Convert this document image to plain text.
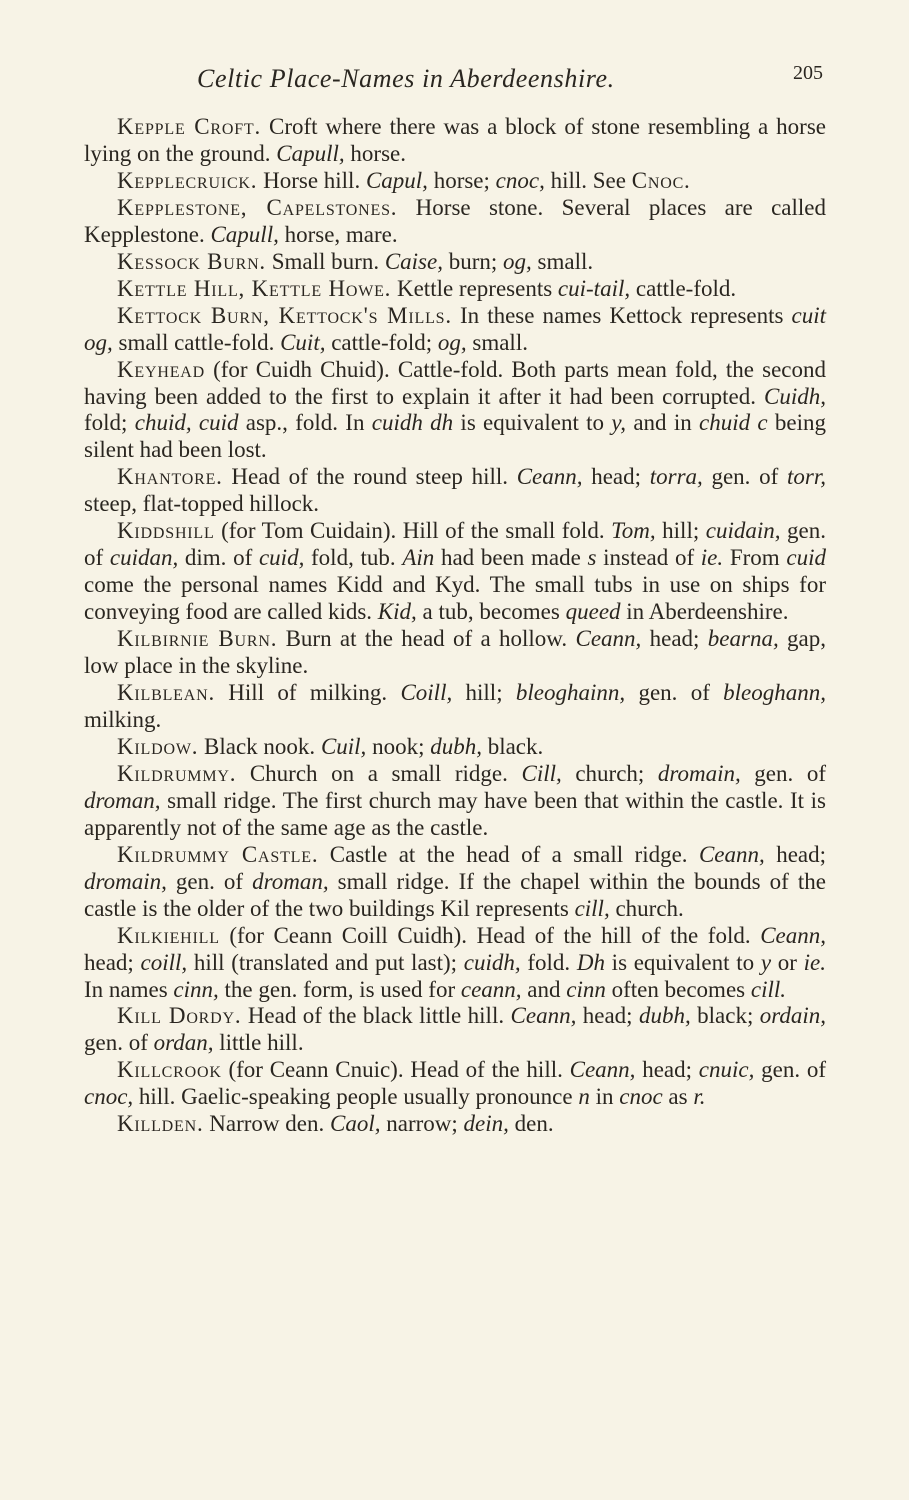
Celtic Place-Names in Aberdeenshire.	205

Kepple Croft. Croft where there was a block of stone resembling a horse lying on the ground. Capull, horse.

Kepplecruick. Horse hill. Capul, horse; cnoc, hill. See Cnoc.

Kepplestone, Capelstones. Horse stone. Several places are called Kepplestone. Capull, horse, mare.

Kessock Burn. Small burn. Caise, burn; og, small.

Kettle Hill, Kettle Howe. Kettle represents cui-tail, cattle-fold.

Kettock Burn, Kettock's Mills. In these names Kettock represents cuit og, small cattle-fold. Cuit, cattle-fold; og, small.

Keyhead (for Cuidh Chuid). Cattle-fold. Both parts mean fold, the second having been added to the first to explain it after it had been corrupted. Cuidh, fold; chuid, cuid asp., fold. In cuidh dh is equivalent to y, and in chuid c being silent had been lost.

Khantore. Head of the round steep hill. Ceann, head; torra, gen. of torr, steep, flat-topped hillock.

Kiddshill (for Tom Cuidain). Hill of the small fold. Tom, hill; cuidain, gen. of cuidan, dim. of cuid, fold, tub. Ain had been made s instead of ie. From cuid come the personal names Kidd and Kyd. The small tubs in use on ships for conveying food are called kids. Kid, a tub, becomes queed in Aberdeenshire.

Kilbirnie Burn. Burn at the head of a hollow. Ceann, head; bearna, gap, low place in the skyline.

Kilblean. Hill of milking. Coill, hill; bleoghainn, gen. of bleoghann, milking.

Kildow. Black nook. Cuil, nook; dubh, black.

Kildrummy. Church on a small ridge. Cill, church; dromain, gen. of droman, small ridge. The first church may have been that within the castle. It is apparently not of the same age as the castle.

Kildrummy Castle. Castle at the head of a small ridge. Ceann, head; dromain, gen. of droman, small ridge. If the chapel within the bounds of the castle is the older of the two buildings Kil represents cill, church.

Kilkiehill (for Ceann Coill Cuidh). Head of the hill of the fold. Ceann, head; coill, hill (translated and put last); cuidh, fold. Dh is equivalent to y or ie. In names cinn, the gen. form, is used for ceann, and cinn often becomes cill.

Kill Dordy. Head of the black little hill. Ceann, head; dubh, black; ordain, gen. of ordan, little hill.

Killcrook (for Ceann Cnuic). Head of the hill. Ceann, head; cnuic, gen. of cnoc, hill. Gaelic-speaking people usually pronounce n in cnoc as r.

Killden. Narrow den. Caol, narrow; dein, den.
